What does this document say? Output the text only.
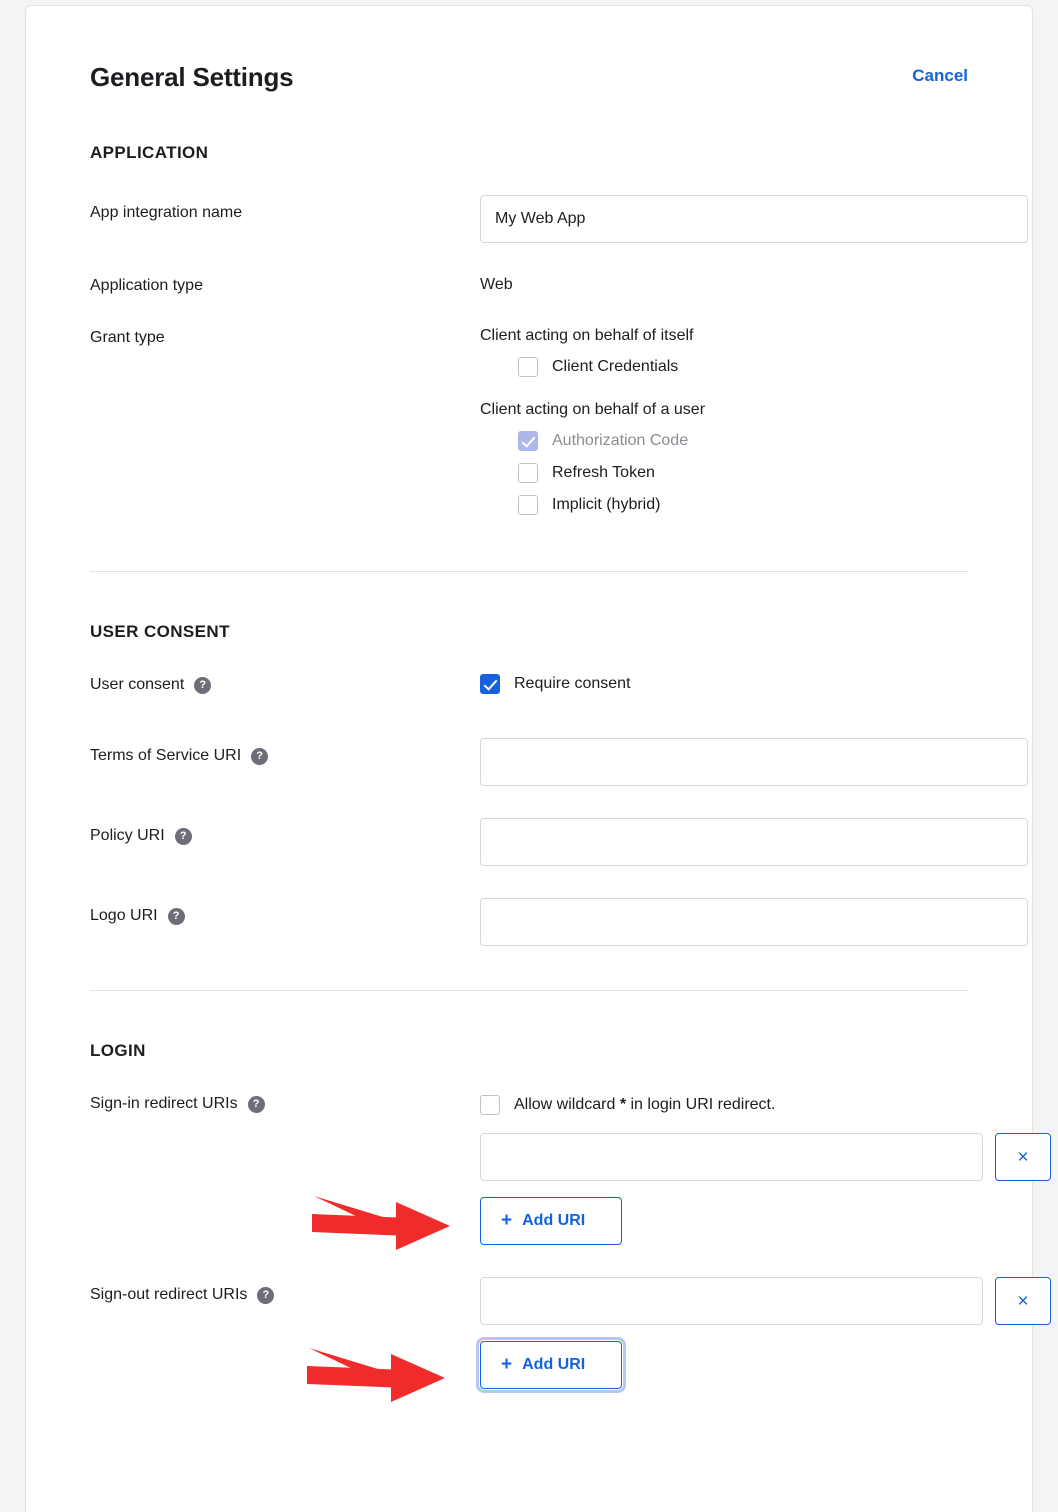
General Settings	Cancel
APPLICATION
App integration name
My Web App
Application type	Web
Grant type	Client acting on behalf of itself
Client Credentials
Client acting on behalf of a user
Authorization Code
Refresh Token
Implicit (hybrid)
USER CONSENT
User consent	?	Require consent
Terms of Service URI	?
Policy URI	?
Logo URI	?
LOGIN
Sign-in redirect URIs	?	Allow wildcard * in login URI redirect.
×
+ Add URI
Sign-out redirect URIs	?	×
+ Add URI
